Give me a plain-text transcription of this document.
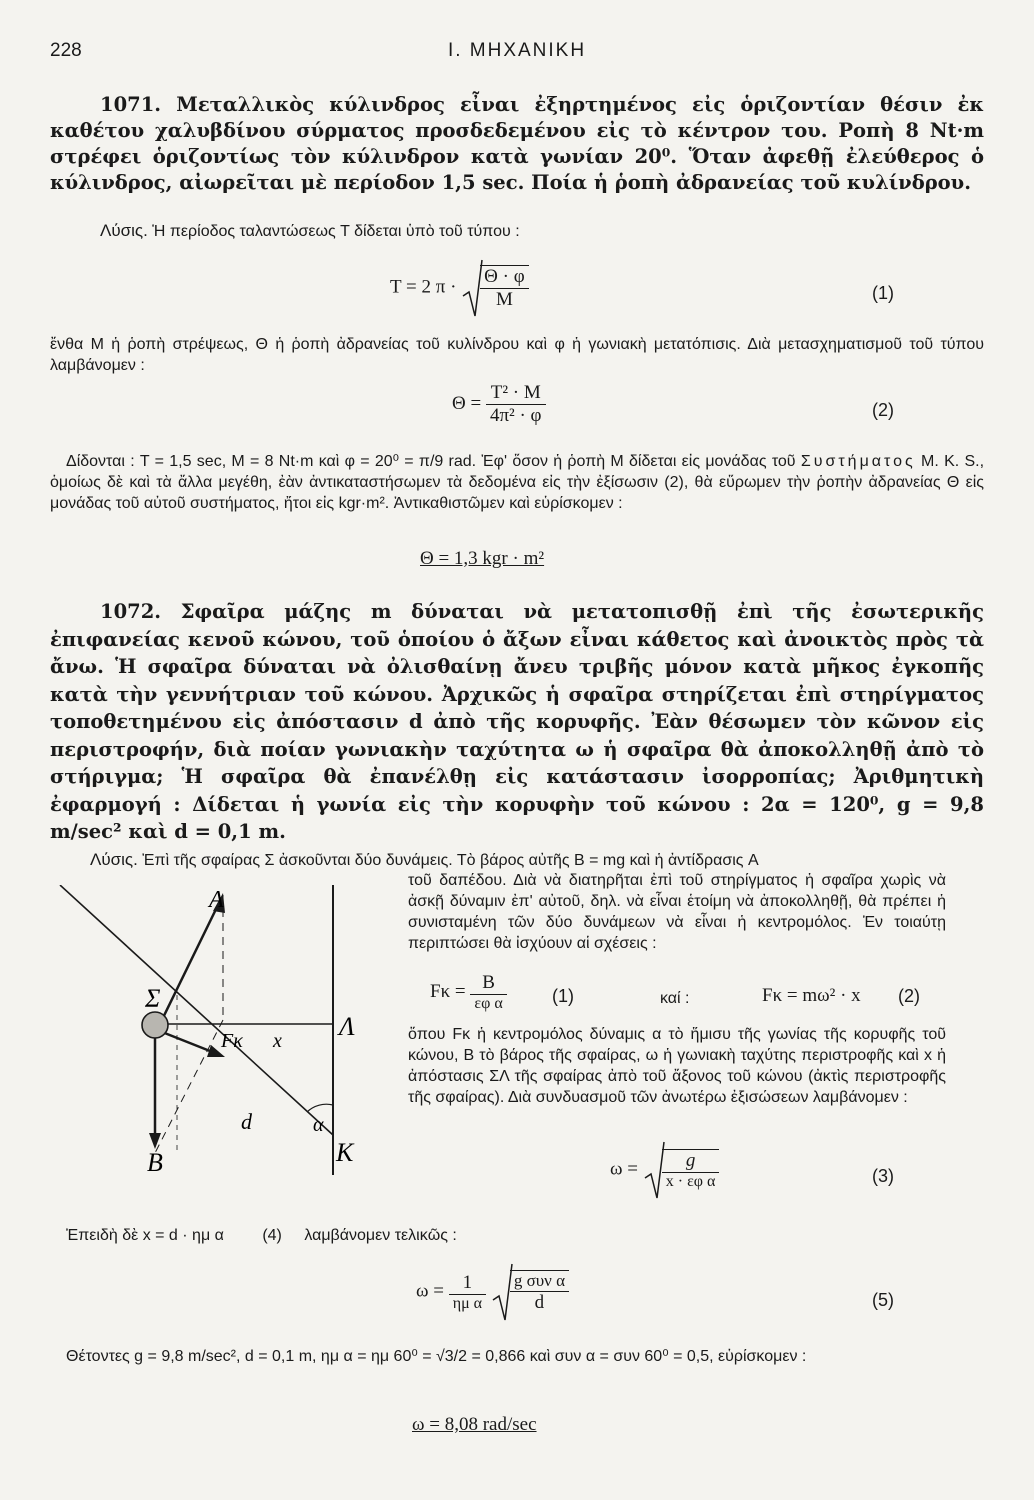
228	Ι. ΜΗΧΑΝΙΚΗ
1071. Μεταλλικὸς κύλινδρος εἶναι ἐξηρτημένος εἰς ὁριζοντίαν θέσιν ἐκ καθέτου χαλυβδίνου σύρματος προσδεδεμένου εἰς τὸ κέντρον του. Ροπὴ 8 Nt·m στρέφει ὁριζοντίως τὸν κύλινδρον κατὰ γωνίαν 20⁰. Ὅταν ἀφεθῇ ἐλεύθερος ὁ κύλινδρος, αἰωρεῖται μὲ περίοδον 1,5 sec. Ποία ἡ ῥοπὴ ἀδρανείας τοῦ κυλίνδρου.
Λύσις. Ἡ περίοδος ταλαντώσεως T δίδεται ὑπὸ τοῦ τύπου :
T = 2 $\pi \cdot \frac{\Theta \cdot \varphi}{M}$	(1)
ἔνθα M ἡ ῥοπὴ στρέψεως, Θ ἡ ῥοπὴ ἀδρανείας τοῦ κυλίνδρου καὶ φ ἡ γωνιακὴ μετατόπισις. Διὰ μετασχηματισμοῦ τοῦ τύπου λαμβάνομεν :
$\Theta = \frac{\text{T² · M}}{\text{4π² · φ}}$	(2)
Δίδονται : T = 1,5 sec, M = 8 Nt·m καὶ φ = 20⁰ = π/9 rad. Ἐφ' ὅσον ἡ ῥοπὴ M δίδεται εἰς μονάδας τοῦ Συστήματος M. K. S., ὁμοίως δὲ καὶ τὰ ἄλλα μεγέθη, ἐὰν ἀντικαταστήσωμεν τὰ δεδομένα εἰς τὴν ἐξίσωσιν (2), θὰ εὕρωμεν τὴν ῥοπὴν ἀδρανείας Θ εἰς μονάδας τοῦ αὐτοῦ συστήματος, ἤτοι εἰς kgr·m². Ἀντικαθιστῶμεν καὶ εὑρίσκομεν :
Θ = 1,3 kgr · m²
1072. Σφαῖρα μάζης m δύναται νὰ μετατοπισθῇ ἐπὶ τῆς ἐσωτερικῆς ἐπιφανείας κενοῦ κώνου, τοῦ ὁποίου ὁ ἄξων εἶναι κάθετος καὶ ἀνοικτὸς πρὸς τὰ ἄνω. Ἡ σφαῖρα δύναται νὰ ὀλισθαίνῃ ἄνευ τριβῆς μόνον κατὰ μῆκος ἐγκοπῆς κατὰ τὴν γεννήτριαν τοῦ κώνου. Ἀρχικῶς ἡ σφαῖρα στηρίζεται ἐπὶ στηρίγματος τοποθετημένου εἰς ἀπόστασιν d ἀπὸ τῆς κορυφῆς. Ἐὰν θέσωμεν τὸν κῶνον εἰς περιστροφήν, διὰ ποίαν γωνιακὴν ταχύτητα ω ἡ σφαῖρα θὰ ἀποκολληθῇ ἀπὸ τὸ στήριγμα; Ἡ σφαῖρα θὰ ἐπανέλθῃ εἰς κατάστασιν ἰσορροπίας; Ἀριθμητικὴ ἐφαρμογή : Δίδεται ἡ γωνία εἰς τὴν κορυφὴν τοῦ κώνου : 2α = 120⁰, g = 9,8 m/sec² καὶ d = 0,1 m.
Λύσις. Ἐπὶ τῆς σφαίρας Σ ἀσκοῦνται δύο δυνάμεις. Τὸ βάρος αὐτῆς B = mg καὶ ἡ ἀντίδρασις A
τοῦ δαπέδου. Διὰ νὰ διατηρῆται ἐπὶ τοῦ στηρίγματος ἡ σφαῖρα χωρὶς νὰ ἀσκῇ δύναμιν ἐπ' αὐτοῦ, δηλ. νὰ εἶναι ἑτοίμη νὰ ἀποκολληθῇ, θὰ πρέπει ἡ συνισταμένη τῶν δύο δυνάμεων νὰ εἶναι ἡ κεντρομόλος. Ἐν τοιαύτῃ περιπτώσει θὰ ἰσχύουν αἱ σχέσεις :
A
Σ
Fκ x Λ
d	α
B	K
$F\kappa = \frac{B}{\text{εφ α}}$	(1)	καί :	Fκ = mω² · x (2)
ὅπου Fκ ἡ κεντρομόλος δύναμις α τὸ ἥμισυ τῆς γωνίας τῆς κορυφῆς τοῦ κώνου, B τὸ βάρος τῆς σφαίρας, ω ἡ γωνιακὴ ταχύτης περιστροφῆς καὶ x ἡ ἀπόστασις ΣΛ τῆς σφαίρας ἀπὸ τοῦ ἄξονος τοῦ κώνου (ἀκτὶς περιστροφῆς τῆς σφαίρας). Διὰ συνδυασμοῦ τῶν ἀνωτέρω ἐξισώσεων λαμβάνομεν :
$\omega = \frac{g}{\text{x · εφ α}}$	(3)
Ἐπειδὴ δὲ x = d · ημ α (4) λαμβάνομεν τελικῶς :
$\omega = \frac{1}{\text{ημ α}}$
$\frac{\text{g συν α}}{d}$	(5)
Θέτοντες g = 9,8 m/sec², d = 0,1 m, ημ α = ημ 60⁰ = √3/2 = 0,866 καὶ συν α = συν 60⁰ = 0,5, εὑρίσκομεν :
ω = 8,08 rad/sec
